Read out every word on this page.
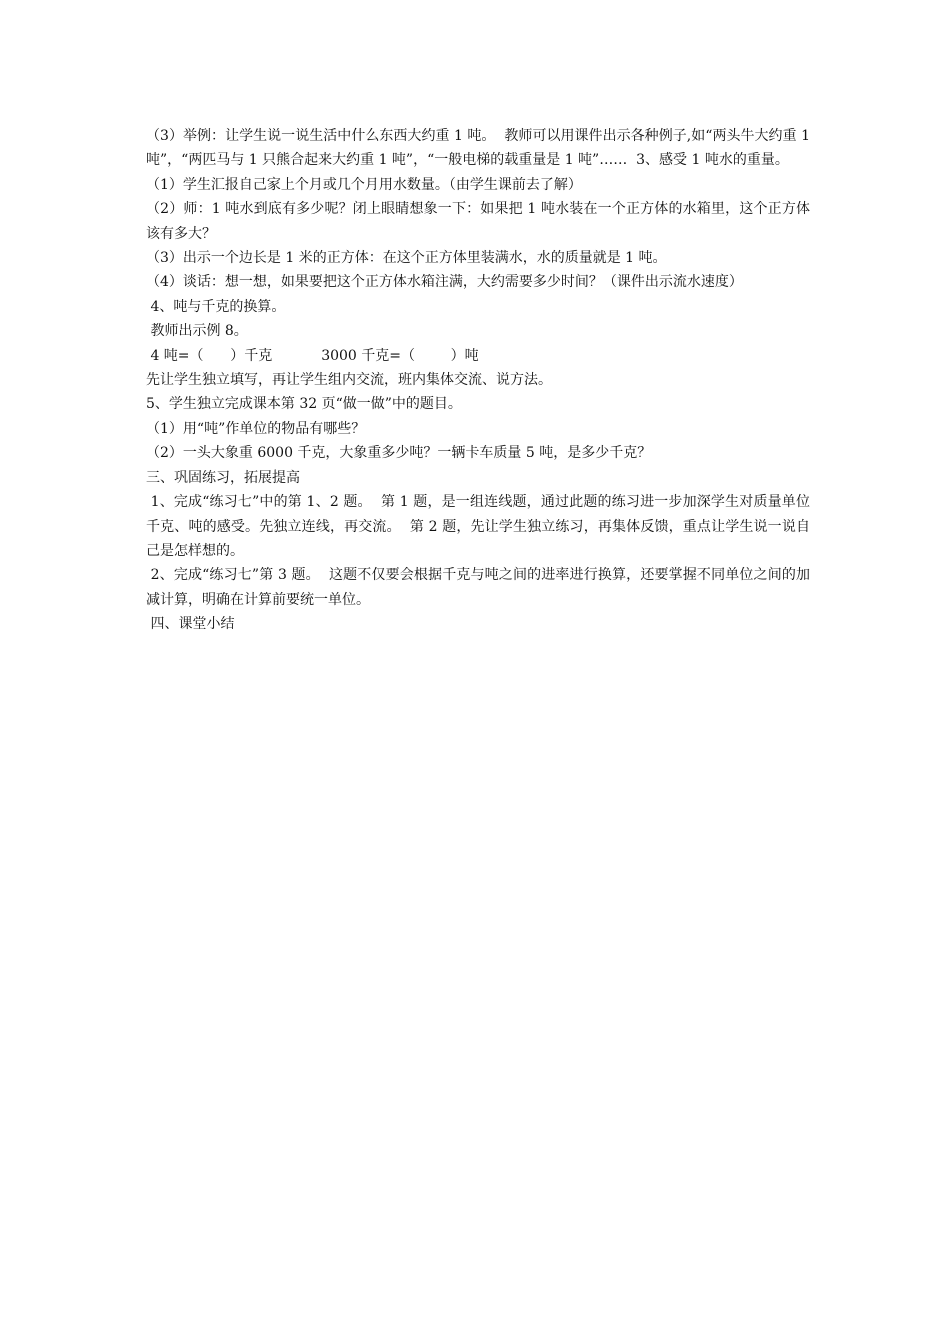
（3）举例：让学生说一说生活中什么东西大约重 1 吨。  教师可以用课件出示各种例子,如“两头牛大约重 1 吨”，“两匹马与 1 只熊合起来大约重 1 吨”，“一般电梯的载重量是 1 吨”……  3、感受 1 吨水的重量。

（1）学生汇报自己家上个月或几个月用水数量。（由学生课前去了解）

（2）师：1 吨水到底有多少呢？闭上眼睛想象一下：如果把 1 吨水装在一个正方体的水箱里，这个正方体该有多大？

（3）出示一个边长是 1 米的正方体：在这个正方体里装满水，水的质量就是 1 吨。

（4）谈话：想一想，如果要把这个正方体水箱注满，大约需要多少时间？（课件出示流水速度）

4、吨与千克的换算。

教师出示例 8。

4 吨=（      ）千克           3000 千克=（        ）吨

先让学生独立填写，再让学生组内交流，班内集体交流、说方法。

5、学生独立完成课本第 32 页“做一做”中的题目。

（1）用“吨”作单位的物品有哪些？

（2）一头大象重 6000 千克，大象重多少吨？一辆卡车质量 5 吨，是多少千克？

三、巩固练习，拓展提高

1、完成“练习七”中的第 1、2 题。  第 1 题，是一组连线题，通过此题的练习进一步加深学生对质量单位千克、吨的感受。先独立连线，再交流。  第 2 题，先让学生独立练习，再集体反馈，重点让学生说一说自己是怎样想的。

2、完成“练习七”第 3 题。  这题不仅要会根据千克与吨之间的进率进行换算，还要掌握不同单位之间的加减计算，明确在计算前要统一单位。

四、课堂小结
